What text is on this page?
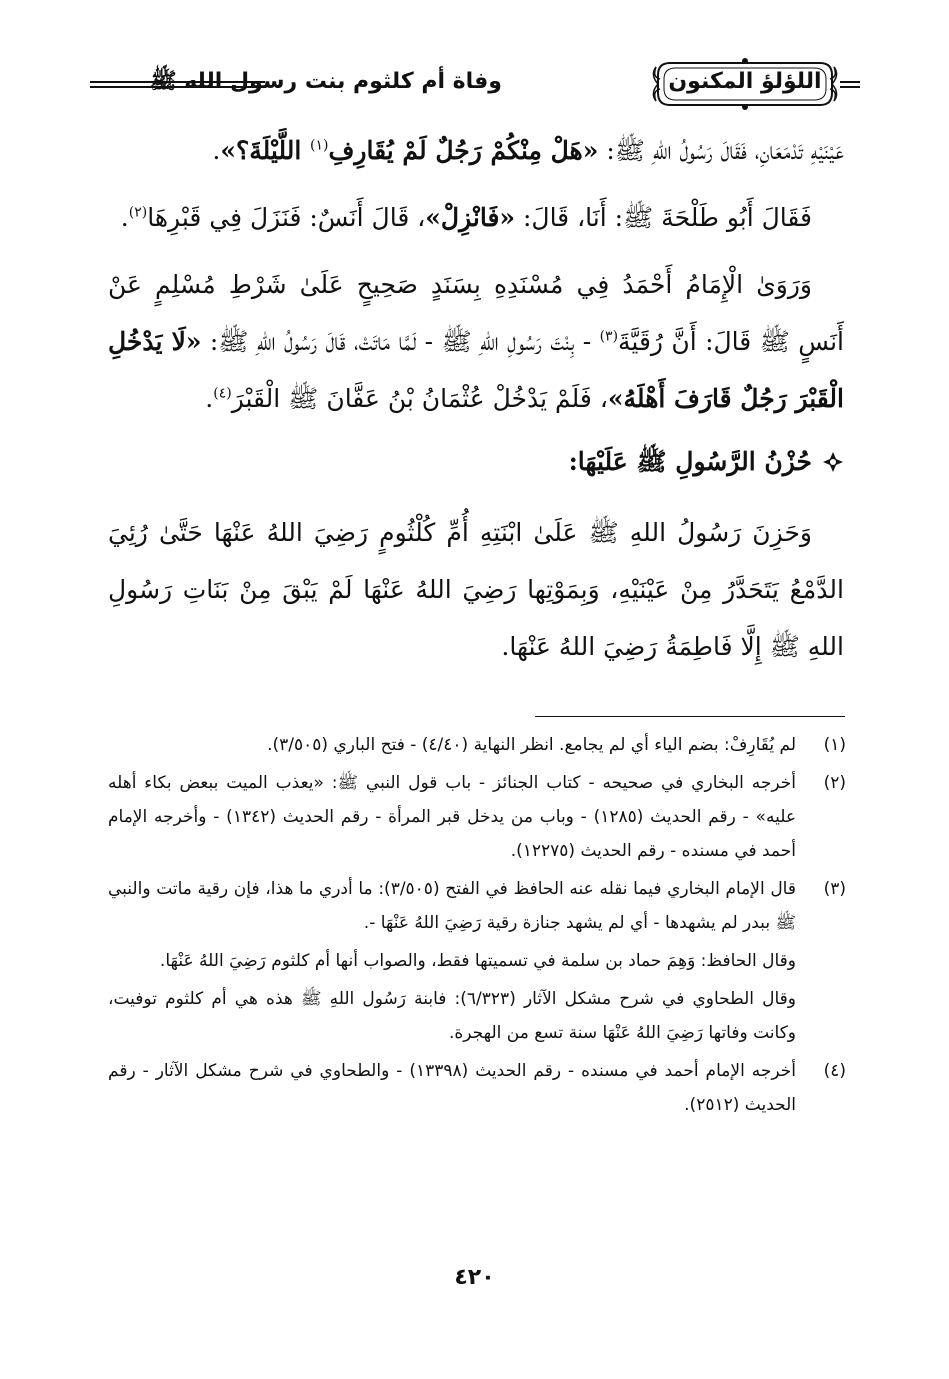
وفاة أم كلثوم بنت رسول الله ﷺ	اللؤلؤ المكنون

عَيْنَيْهِ تَدْمَعَانِ، فَقَالَ رَسُولُ اللهِ ﷺ: «هَلْ مِنْكُمْ رَجُلٌ لَمْ يُقَارِفِ$^{(١)}$ اللَّيْلَةَ؟».

فَقَالَ أَبُو طَلْحَةَ ﷺ: أَنَا، قَالَ: «فَانْزِلْ»، قَالَ أَنَسٌ: فَنَزَلَ فِي قَبْرِهَا$^{(٢)}$.

وَرَوَىٰ الْإِمَامُ أَحْمَدُ فِي مُسْنَدِهِ بِسَنَدٍ صَحِيحٍ عَلَىٰ شَرْطِ مُسْلِمٍ عَنْ أَنَسٍ ﷺ قَالَ: أَنَّ رُقَيَّةَ$^{(٣)}$ - بِنْتَ رَسُولِ اللهِ ﷺ - لَمَّا مَاتَتْ، قَالَ رَسُولُ اللهِ ﷺ: «لَا يَدْخُلِ الْقَبْرَ رَجُلٌ قَارَفَ أَهْلَهُ»، فَلَمْ يَدْخُلْ عُثْمَانُ بْنُ عَفَّانَ ﷺ الْقَبْرَ$^{(٤)}$.

حُزْنُ الرَّسُولِ ﷺ عَلَيْهَا:

وَحَزِنَ رَسُولُ اللهِ ﷺ عَلَىٰ ابْنَتِهِ أُمِّ كُلْثُومٍ رَضِيَ اللهُ عَنْهَا حَتَّىٰ رُئِيَ الدَّمْعُ يَتَحَدَّرُ مِنْ عَيْنَيْهِ، وَبِمَوْتِها رَضِيَ اللهُ عَنْهَا لَمْ يَبْقَ مِنْ بَنَاتِ رَسُولِ اللهِ ﷺ إِلَّا فَاطِمَةُ رَضِيَ اللهُ عَنْهَا.

(١)
لم يُقَارِفْ: بضم الياء أي لم يجامع. انظر النهاية (٤/٤٠) - فتح الباري (٣/٥٠٥).
(٢)
أخرجه البخاري في صحيحه - كتاب الجنائز - باب قول النبي ﷺ: «يعذب الميت ببعض بكاء أهله عليه» - رقم الحديث (١٢٨٥) - وباب من يدخل قبر المرأة - رقم الحديث (١٣٤٢) - وأخرجه الإمام أحمد في مسنده - رقم الحديث (١٢٢٧٥).
(٣)
قال الإمام البخاري فيما نقله عنه الحافظ في الفتح (٣/٥٠٥): ما أدري ما هذا، فإن رقية ماتت والنبي ﷺ ببدر لم يشهدها - أي لم يشهد جنازة رقية رَضِيَ اللهُ عَنْهَا -.
وقال الحافظ: وَهِمَ حماد بن سلمة في تسميتها فقط، والصواب أنها أم كلثوم رَضِيَ اللهُ عَنْهَا.
وقال الطحاوي في شرح مشكل الآثار (٦/٣٢٣): فابنة رَسُول اللهِ ﷺ هذه هي أم كلثوم توفيت، وكانت وفاتها رَضِيَ اللهُ عَنْهَا سنة تسع من الهجرة.
(٤)
أخرجه الإمام أحمد في مسنده - رقم الحديث (١٣٣٩٨) - والطحاوي في شرح مشكل الآثار - رقم الحديث (٢٥١٢).
٤٢٠
